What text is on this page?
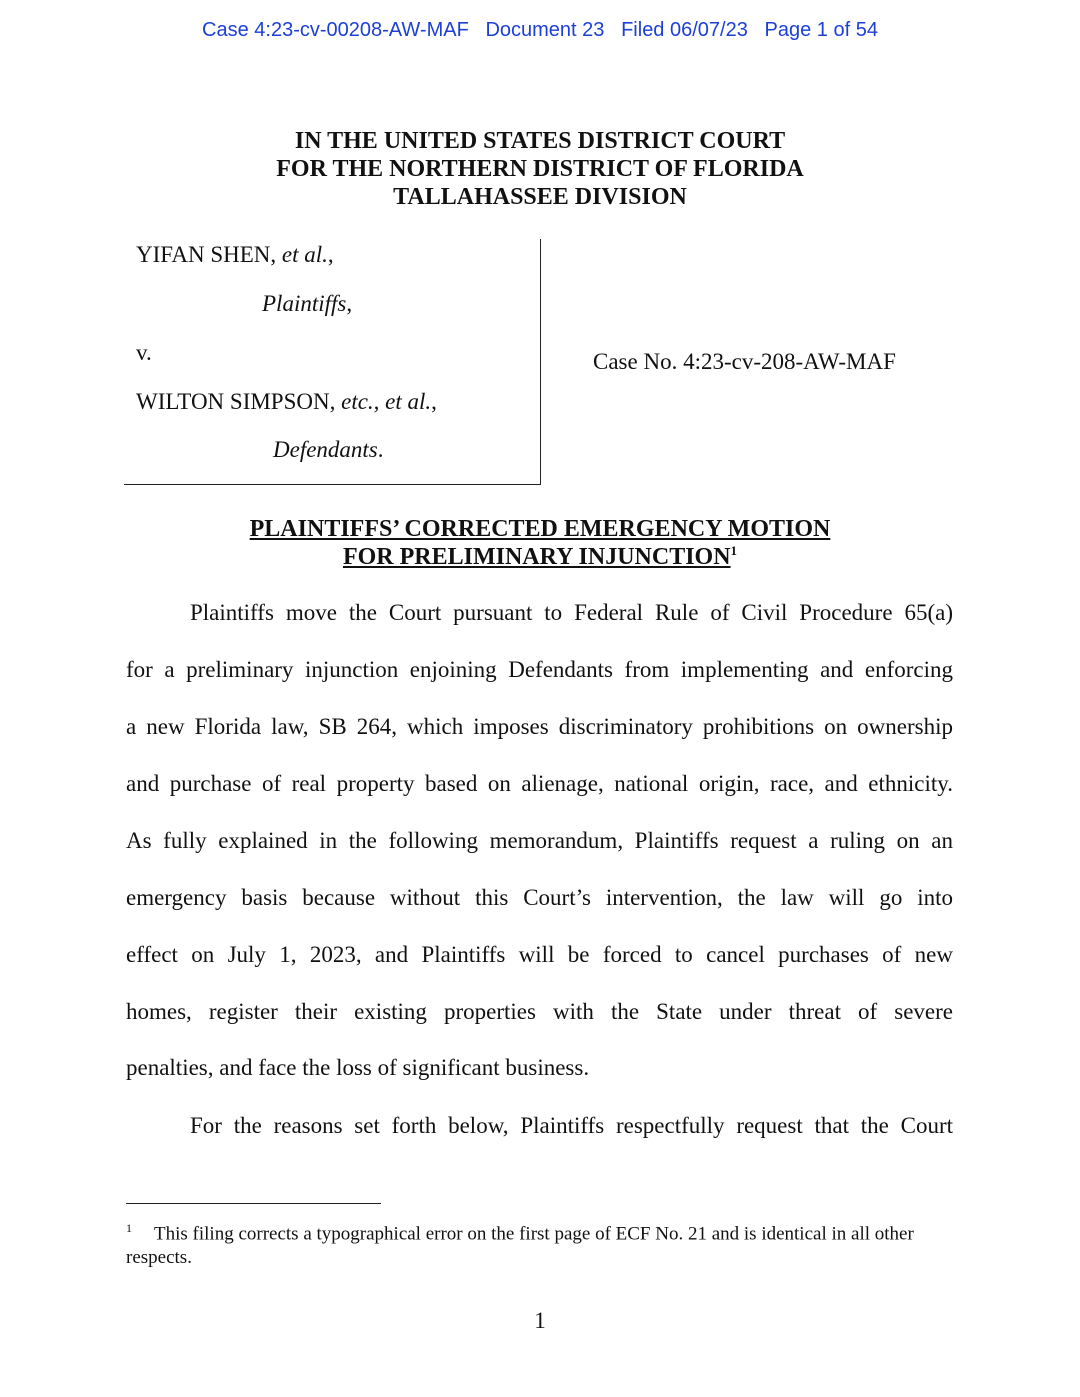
Case 4:23-cv-00208-AW-MAF   Document 23   Filed 06/07/23   Page 1 of 54
IN THE UNITED STATES DISTRICT COURT
FOR THE NORTHERN DISTRICT OF FLORIDA
TALLAHASSEE DIVISION
YIFAN SHEN, et al.,
Plaintiffs,
v.
WILTON SIMPSON, etc., et al.,
Defendants.
Case No. 4:23-cv-208-AW-MAF
PLAINTIFFS’ CORRECTED EMERGENCY MOTION
FOR PRELIMINARY INJUNCTION$^1$
Plaintiffs move the Court pursuant to Federal Rule of Civil Procedure 65(a)
for a preliminary injunction enjoining Defendants from implementing and enforcing
a new Florida law, SB 264, which imposes discriminatory prohibitions on ownership
and purchase of real property based on alienage, national origin, race, and ethnicity.
As fully explained in the following memorandum, Plaintiffs request a ruling on an
emergency basis because without this Court’s intervention, the law will go into
effect on July 1, 2023, and Plaintiffs will be forced to cancel purchases of new
homes, register their existing properties with the State under threat of severe
penalties, and face the loss of significant business.
For the reasons set forth below, Plaintiffs respectfully request that the Court
$^1$ This filing corrects a typographical error on the first page of ECF No. 21 and is identical in all other respects.
1
